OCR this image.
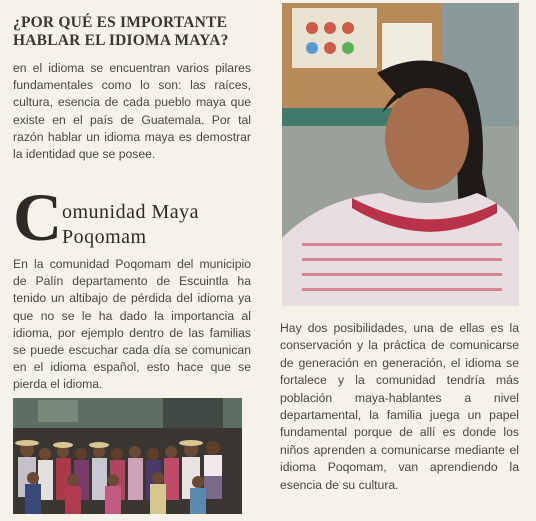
¿POR QUÉ ES IMPORTANTE
HABLAR EL IDIOMA MAYA?

en el idioma se encuentran varios pilares fundamentales como lo son: las raíces, cultura, esencia de cada pueblo maya que existe en el país de Guatemala. Por tal razón hablar un idioma maya es demostrar la identidad que se posee.

C omunidad Maya
Poqomam

En la comunidad Poqomam del municipio de Palín departamento de Escuintla ha tenido un altibajo de pérdida del idioma ya que no se le ha dado la importancia al idioma, por ejemplo dentro de las familias se puede escuchar cada día se comunican en el idioma español, esto hace que se pierda el idioma.

Hay dos posibilidades, una de ellas es la conservación y la práctica de comunicarse de generación en generación, el idioma se fortalece y la comunidad tendría más población maya-hablantes a nivel departamental, la familia juega un papel fundamental porque de allí es donde los niños aprenden a comunicarse mediante el idioma Poqomam, van aprendiendo la esencia de su cultura.
